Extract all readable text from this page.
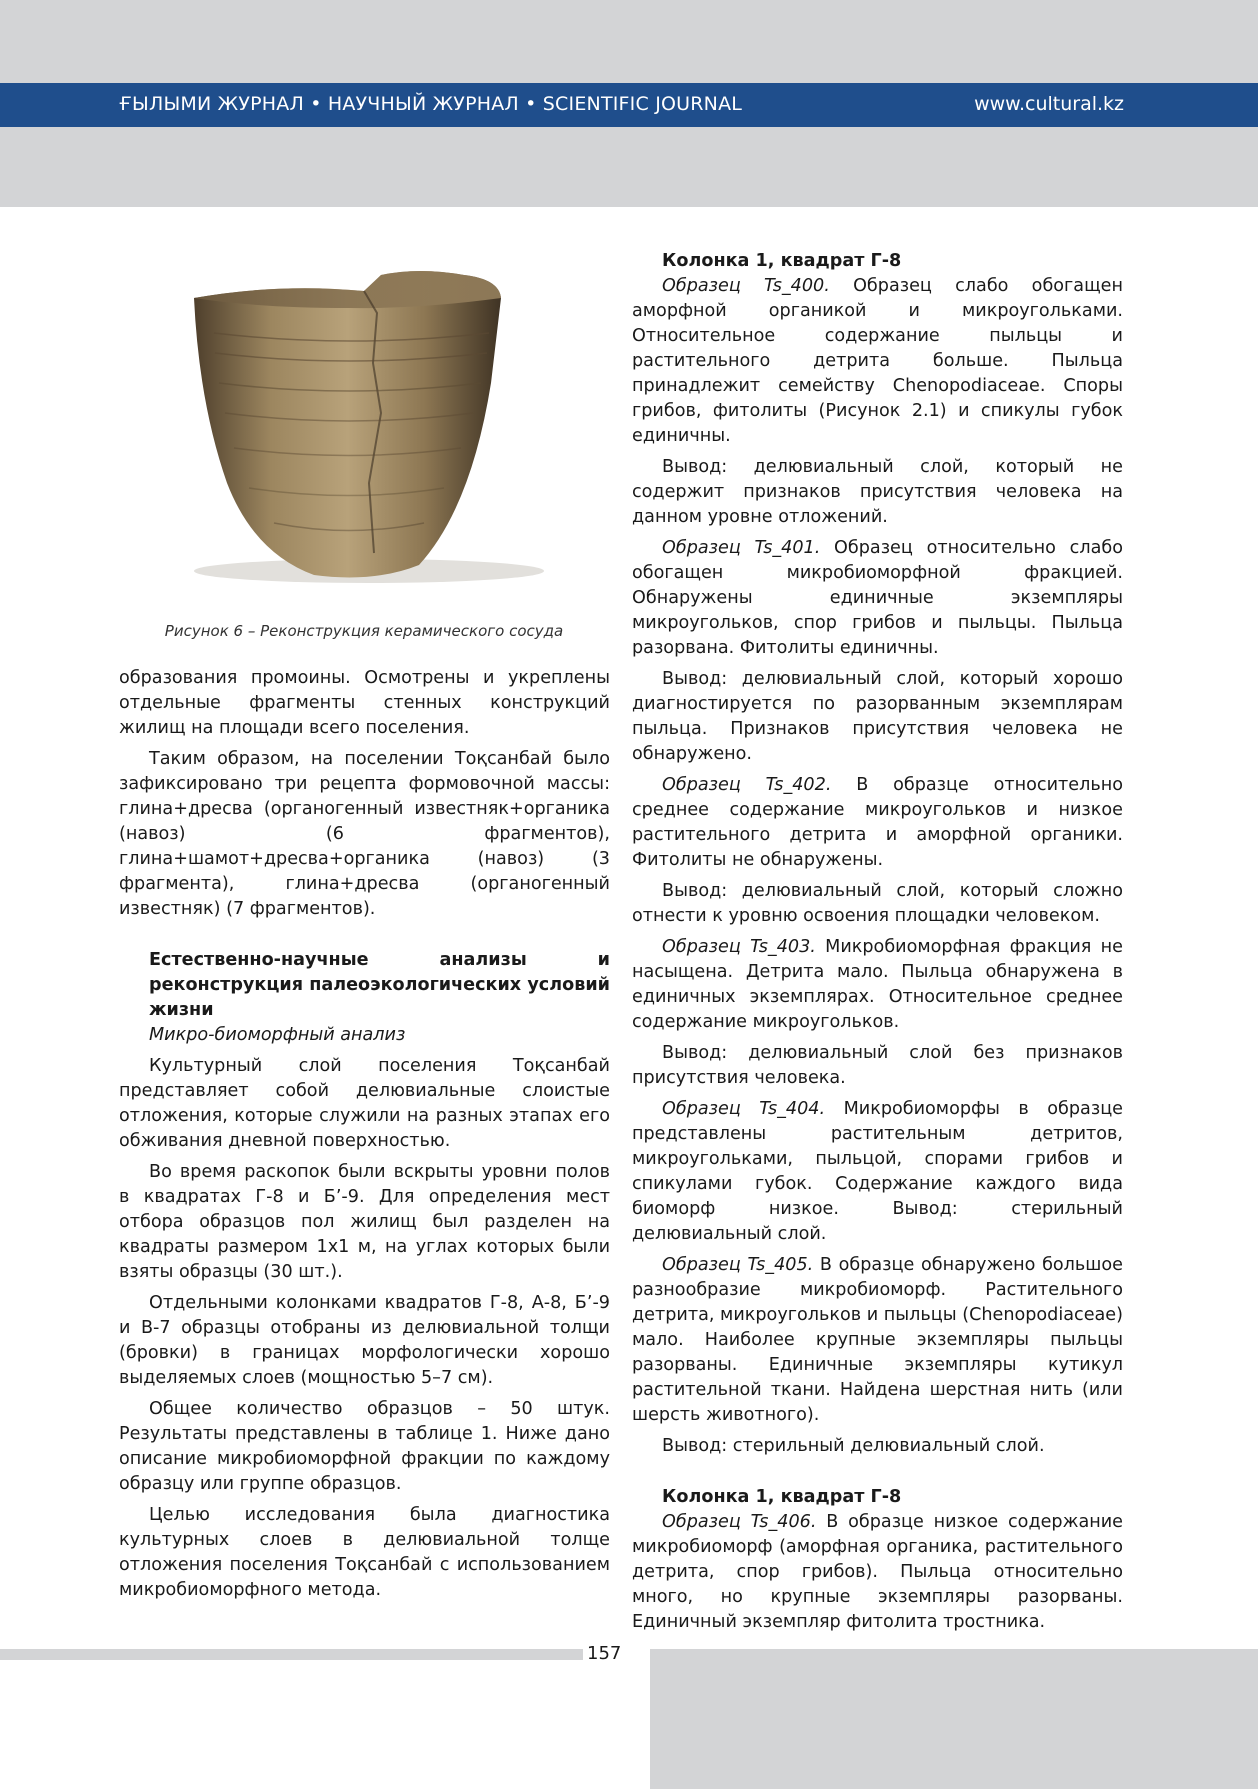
ҒЫЛЫМИ ЖУРНАЛ • НАУЧНЫЙ ЖУРНАЛ • SCIENTIFIC JOURNAL	www.cultural.kz
Рисунок 6 – Реконструкция керамического сосуда

образования промоины. Осмотрены и укреплены отдельные фрагменты стенных конструкций жилищ на площади всего поселения.

Таким образом, на поселении Тоқсанбай было зафиксировано три рецепта формовочной массы: глина+дресва (органогенный известняк+органика (навоз) (6 фрагментов), глина+шамот+дресва+органика (навоз) (3 фрагмента), глина+дресва (органогенный известняк) (7 фрагментов).

Естественно-научные анализы и реконструкция палеоэкологических условий жизни
Микро-биоморфный анализ

Культурный слой поселения Тоқсанбай представляет собой делювиальные слоистые отложения, которые служили на разных этапах его обживания дневной поверхностью.

Во время раскопок были вскрыты уровни полов в квадратах Г-8 и Б’-9. Для определения мест отбора образцов пол жилищ был разделен на квадраты размером 1х1 м, на углах которых были взяты образцы (30 шт.).

Отдельными колонками квадратов Г-8, А-8, Б’-9 и В-7 образцы отобраны из делювиальной толщи (бровки) в границах морфологически хорошо выделяемых слоев (мощностью 5–7 см).

Общее количество образцов – 50 штук. Результаты представлены в таблице 1. Ниже дано описание микробиоморфной фракции по каждому образцу или группе образцов.

Целью исследования была диагностика культурных слоев в делювиальной толще отложения поселения Тоқсанбай с использованием микробиоморфного метода.

Колонка 1, квадрат Г-8

Образец Ts_400. Образец слабо обогащен аморфной органикой и микроугольками. Относительное содержание пыльцы и растительного детрита больше. Пыльца принадлежит семейству Chenopodiaceae. Споры грибов, фитолиты (Рисунок 2.1) и спикулы губок единичны.

Вывод: делювиальный слой, который не содержит признаков присутствия человека на данном уровне отложений.

Образец Ts_401. Образец относительно слабо обогащен микробиоморфной фракцией. Обнаружены единичные экземпляры микроугольков, спор грибов и пыльцы. Пыльца разорвана. Фитолиты единичны.

Вывод: делювиальный слой, который хорошо диагностируется по разорванным экземплярам пыльца. Признаков присутствия человека не обнаружено.

Образец Ts_402. В образце относительно среднее содержание микроугольков и низкое растительного детрита и аморфной органики. Фитолиты не обнаружены.

Вывод: делювиальный слой, который сложно отнести к уровню освоения площадки человеком.

Образец Ts_403. Микробиоморфная фракция не насыщена. Детрита мало. Пыльца обнаружена в единичных экземплярах. Относительное среднее содержание микроугольков.

Вывод: делювиальный слой без признаков присутствия человека.

Образец Ts_404. Микробиоморфы в образце представлены растительным детритов, микроугольками, пыльцой, спорами грибов и спикулами губок. Содержание каждого вида биоморф низкое. Вывод: стерильный делювиальный слой.

Образец Ts_405. В образце обнаружено большое разнообразие микробиоморф. Растительного детрита, микроугольков и пыльцы (Chenopodiaceae) мало. Наиболее крупные экземпляры пыльцы разорваны. Единичные экземпляры кутикул растительной ткани. Найдена шерстная нить (или шерсть животного).

Вывод: стерильный делювиальный слой.

Колонка 1, квадрат Г-8

Образец Ts_406. В образце низкое содержание микробиоморф (аморфная органика, растительного детрита, спор грибов). Пыльца относительно много, но крупные экземпляры разорваны. Единичный экземпляр фитолита тростника.

157
